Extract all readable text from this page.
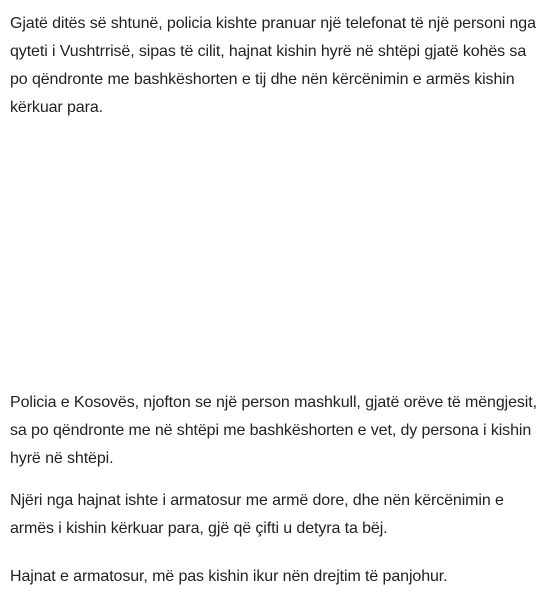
Gjatë ditës së shtunë, policia kishte pranuar një telefonat të një personi nga qyteti i Vushtrrisë, sipas të cilit, hajnat kishin hyrë në shtëpi gjatë kohës sa po qëndronte me bashkëshorten e tij dhe nën kërcënimin e armës kishin kërkuar para.

Policia e Kosovës, njofton se një person mashkull, gjatë orëve të mëngjesit, sa po qëndronte me në shtëpi me bashkëshorten e vet, dy persona i kishin hyrë në shtëpi.

Njëri nga hajnat ishte i armatosur me armë dore, dhe nën kërcënimin e armës i kishin kërkuar para, gjë që çifti u detyra ta bëj.

Hajnat e armatosur, më pas kishin ikur nën drejtim të panjohur.
